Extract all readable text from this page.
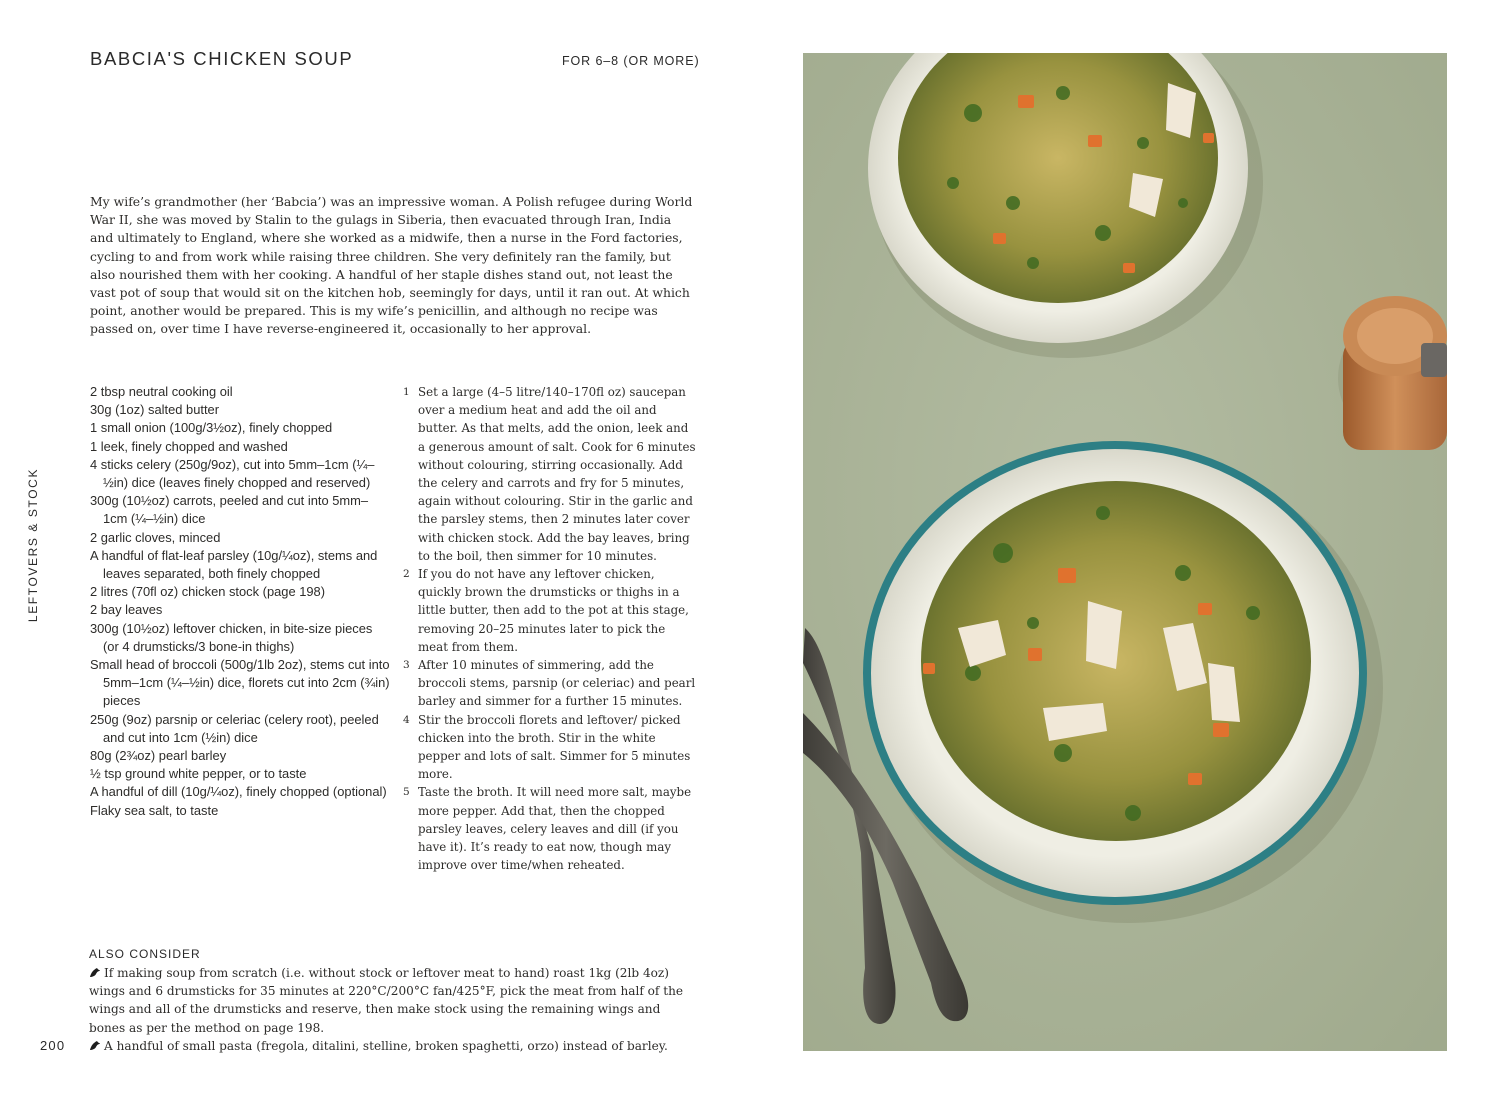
BABCIA'S CHICKEN SOUP	FOR 6–8 (OR MORE)

My wife’s grandmother (her ‘Babcia’) was an impressive woman. A Polish refugee during World War II, she was moved by Stalin to the gulags in Siberia, then evacuated through Iran, India and ultimately to England, where she worked as a midwife, then a nurse in the Ford factories, cycling to and from work while raising three children. She very definitely ran the family, but also nourished them with her cooking. A handful of her staple dishes stand out, not least the vast pot of soup that would sit on the kitchen hob, seemingly for days, until it ran out. At which point, another would be prepared. This is my wife’s penicillin, and although no recipe was passed on, over time I have reverse-engineered it, occasionally to her approval.

2 tbsp neutral cooking oil
30g (1oz) salted butter
1 small onion (100g/3½oz), finely chopped
1 leek, finely chopped and washed
4 sticks celery (250g/9oz), cut into 5mm–1cm (¼–½in) dice (leaves finely chopped and reserved)
300g (10½oz) carrots, peeled and cut into 5mm–1cm (¼–½in) dice
2 garlic cloves, minced
A handful of flat-leaf parsley (10g/¼oz), stems and leaves separated, both finely chopped
2 litres (70fl oz) chicken stock (page 198)
2 bay leaves
300g (10½oz) leftover chicken, in bite-size pieces (or 4 drumsticks/3 bone-in thighs)
Small head of broccoli (500g/1lb 2oz), stems cut into 5mm–1cm (¼–½in) dice, florets cut into 2cm (¾in) pieces
250g (9oz) parsnip or celeriac (celery root), peeled and cut into 1cm (½in) dice
80g (2¾oz) pearl barley
½ tsp ground white pepper, or to taste
A handful of dill (10g/¼oz), finely chopped (optional)
Flaky sea salt, to taste
1 Set a large (4–5 litre/140–170fl oz) saucepan over a medium heat and add the oil and butter. As that melts, add the onion, leek and a generous amount of salt. Cook for 6 minutes without colouring, stirring occasionally. Add the celery and carrots and fry for 5 minutes, again without colouring. Stir in the garlic and the parsley stems, then 2 minutes later cover with chicken stock. Add the bay leaves, bring to the boil, then simmer for 10 minutes.
2 If you do not have any leftover chicken, quickly brown the drumsticks or thighs in a little butter, then add to the pot at this stage, removing 20–25 minutes later to pick the meat from them.
3 After 10 minutes of simmering, add the broccoli stems, parsnip (or celeriac) and pearl barley and simmer for a further 15 minutes.
4 Stir the broccoli florets and leftover/ picked chicken into the broth. Stir in the white pepper and lots of salt. Simmer for 5 minutes more.
5 Taste the broth. It will need more salt, maybe more pepper. Add that, then the chopped parsley leaves, celery leaves and dill (if you have it). It’s ready to eat now, though may improve over time/when reheated.
ALSO CONSIDER
If making soup from scratch (i.e. without stock or leftover meat to hand) roast 1kg (2lb 4oz) wings and 6 drumsticks for 35 minutes at 220°C/200°C fan/425°F, pick the meat from half of the wings and all of the drumsticks and reserve, then make stock using the remaining wings and bones as per the method on page 198.
A handful of small pasta (fregola, ditalini, stelline, broken spaghetti, orzo) instead of barley.
LEFTOVERS & STOCK
200
